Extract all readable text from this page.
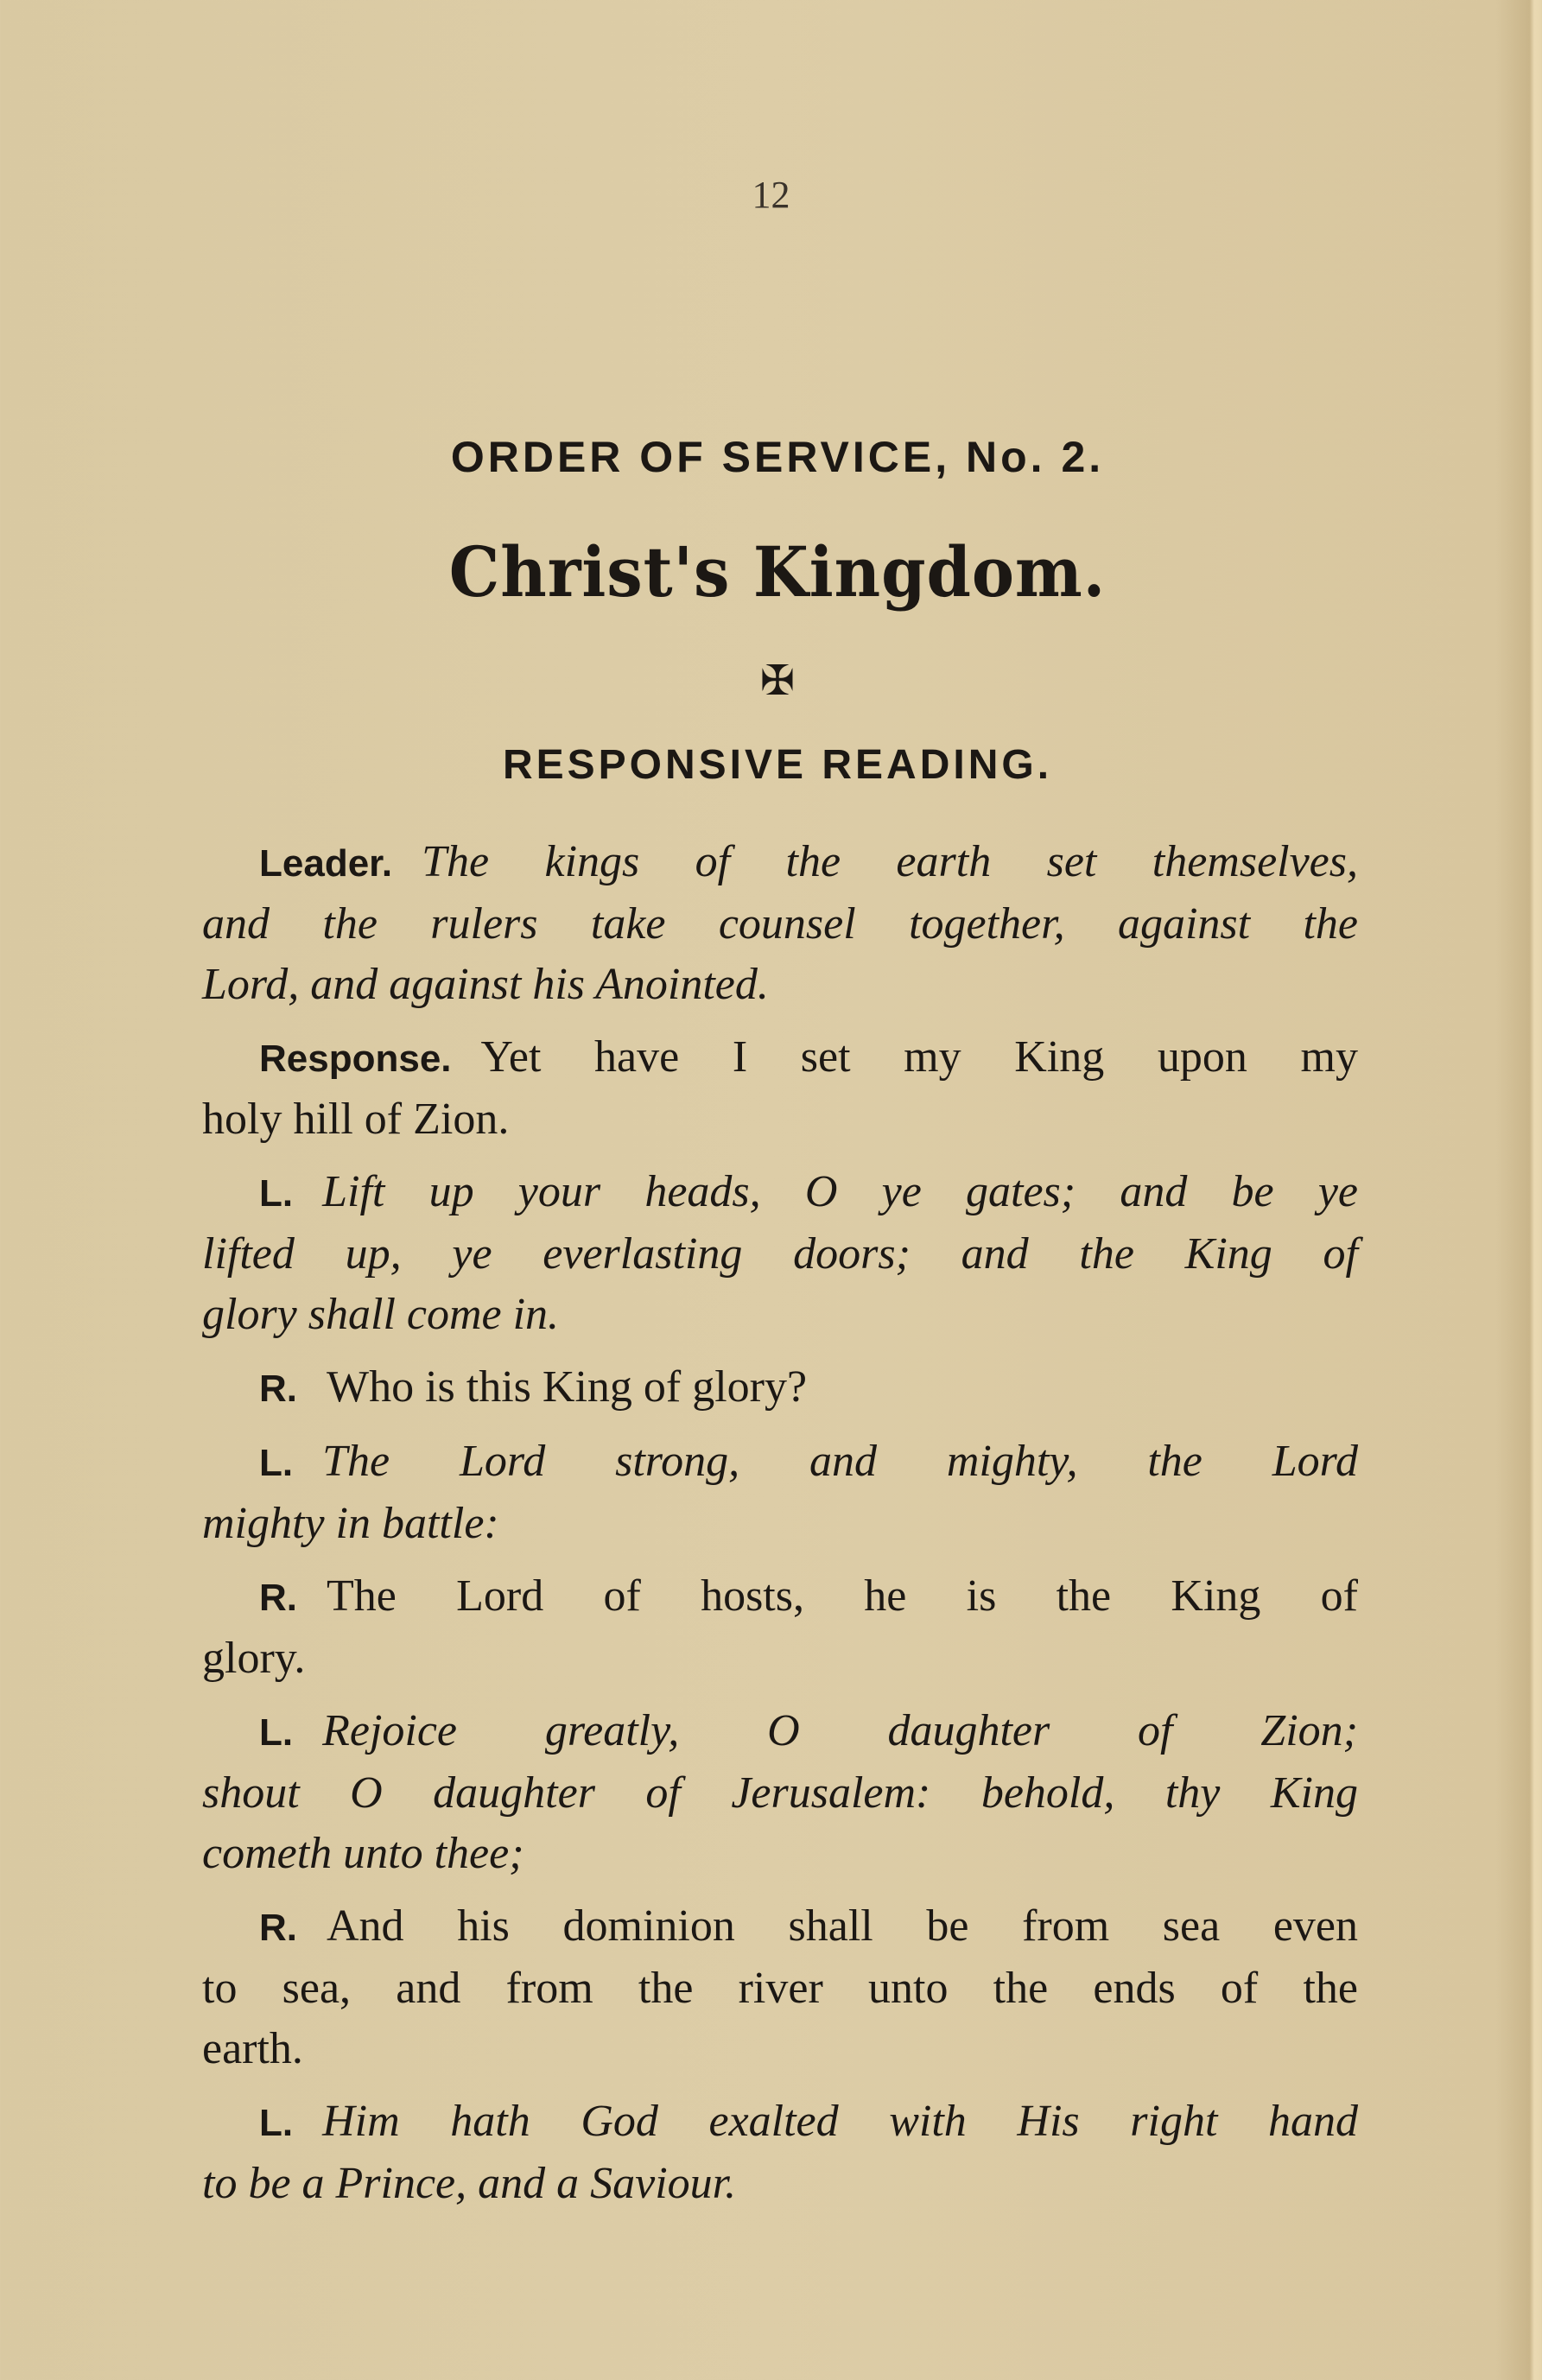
12
ORDER OF SERVICE, No. 2.
Christ's Kingdom.
✠
RESPONSIVE READING.
Leader. The kings of the earth set themselves,
and the rulers take counsel together, against the
Lord, and against his Anointed.
Response. Yet have I set my King upon my
holy hill of Zion.
L. Lift up your heads, O ye gates; and be ye
lifted up, ye everlasting doors; and the King of
glory shall come in.
R. Who is this King of glory?
L. The Lord strong, and mighty, the Lord
mighty in battle:
R. The Lord of hosts, he is the King of
glory.
L. Rejoice greatly, O daughter of Zion;
shout O daughter of Jerusalem: behold, thy King
cometh unto thee;
R. And his dominion shall be from sea even
to sea, and from the river unto the ends of the
earth.
L. Him hath God exalted with His right hand
to be a Prince, and a Saviour.
